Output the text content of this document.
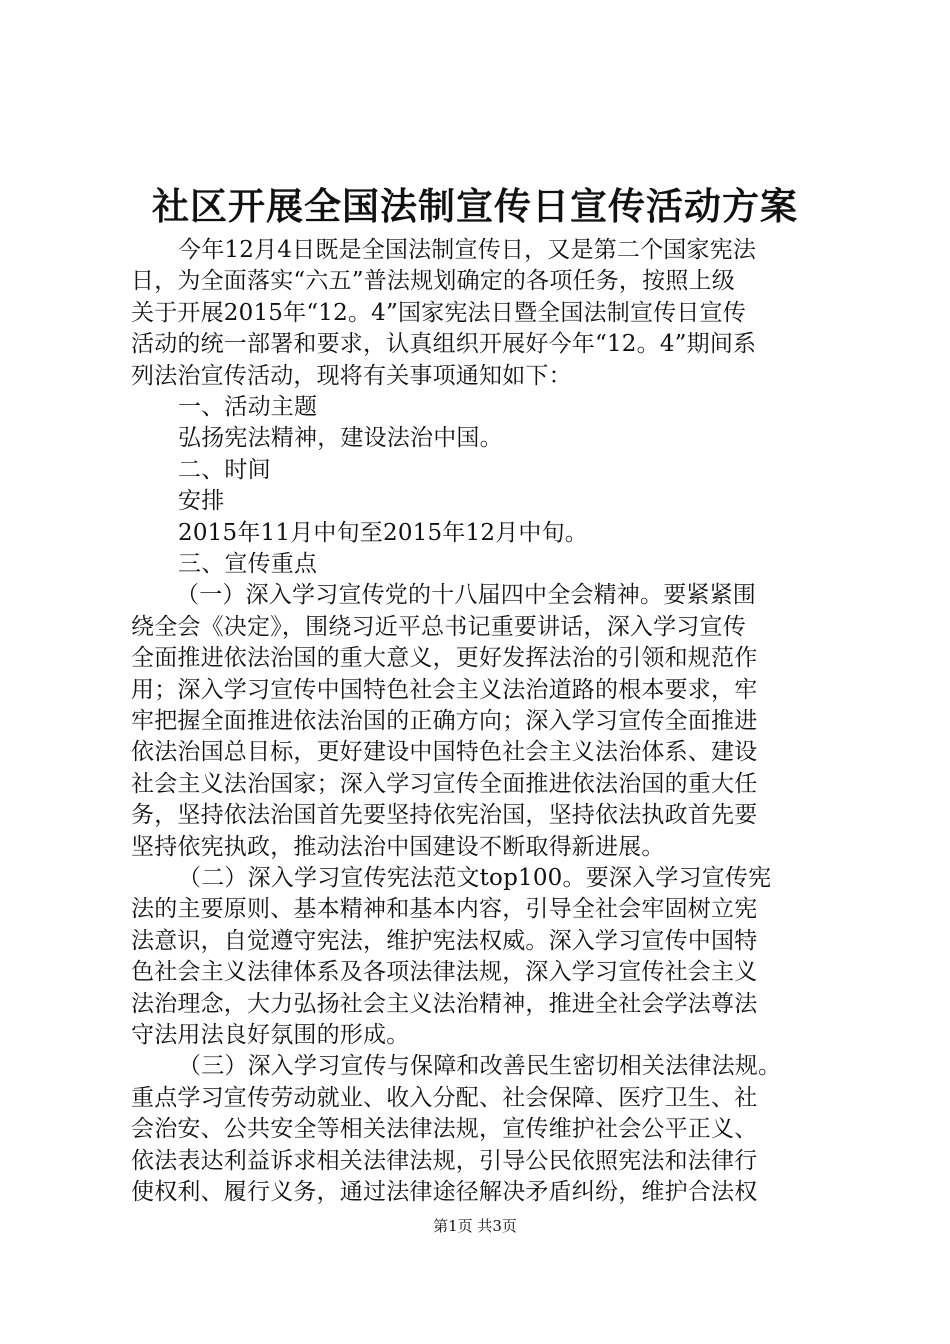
社区开展全国法制宣传日宣传活动方案
今年12月4日既是全国法制宣传日，又是第二个国家宪法
日，为全面落实“六五”普法规划确定的各项任务，按照上级
关于开展2015年“12。4”国家宪法日暨全国法制宣传日宣传
活动的统一部署和要求，认真组织开展好今年“12。4”期间系
列法治宣传活动，现将有关事项通知如下：
一、活动主题
弘扬宪法精神，建设法治中国。
二、时间
安排
2015年11月中旬至2015年12月中旬。
三、宣传重点
（一）深入学习宣传党的十八届四中全会精神。要紧紧围
绕全会《决定》，围绕习近平总书记重要讲话，深入学习宣传
全面推进依法治国的重大意义，更好发挥法治的引领和规范作
用；深入学习宣传中国特色社会主义法治道路的根本要求，牢
牢把握全面推进依法治国的正确方向；深入学习宣传全面推进
依法治国总目标，更好建设中国特色社会主义法治体系、建设
社会主义法治国家；深入学习宣传全面推进依法治国的重大任
务，坚持依法治国首先要坚持依宪治国，坚持依法执政首先要
坚持依宪执政，推动法治中国建设不断取得新进展。
（二）深入学习宣传宪法范文top100。要深入学习宣传宪
法的主要原则、基本精神和基本内容，引导全社会牢固树立宪
法意识，自觉遵守宪法，维护宪法权威。深入学习宣传中国特
色社会主义法律体系及各项法律法规，深入学习宣传社会主义
法治理念，大力弘扬社会主义法治精神，推进全社会学法尊法
守法用法良好氛围的形成。
（三）深入学习宣传与保障和改善民生密切相关法律法规。
重点学习宣传劳动就业、收入分配、社会保障、医疗卫生、社
会治安、公共安全等相关法律法规，宣传维护社会公平正义、
依法表达利益诉求相关法律法规，引导公民依照宪法和法律行
使权利、履行义务，通过法律途径解决矛盾纠纷，维护合法权
第1页 共3页
